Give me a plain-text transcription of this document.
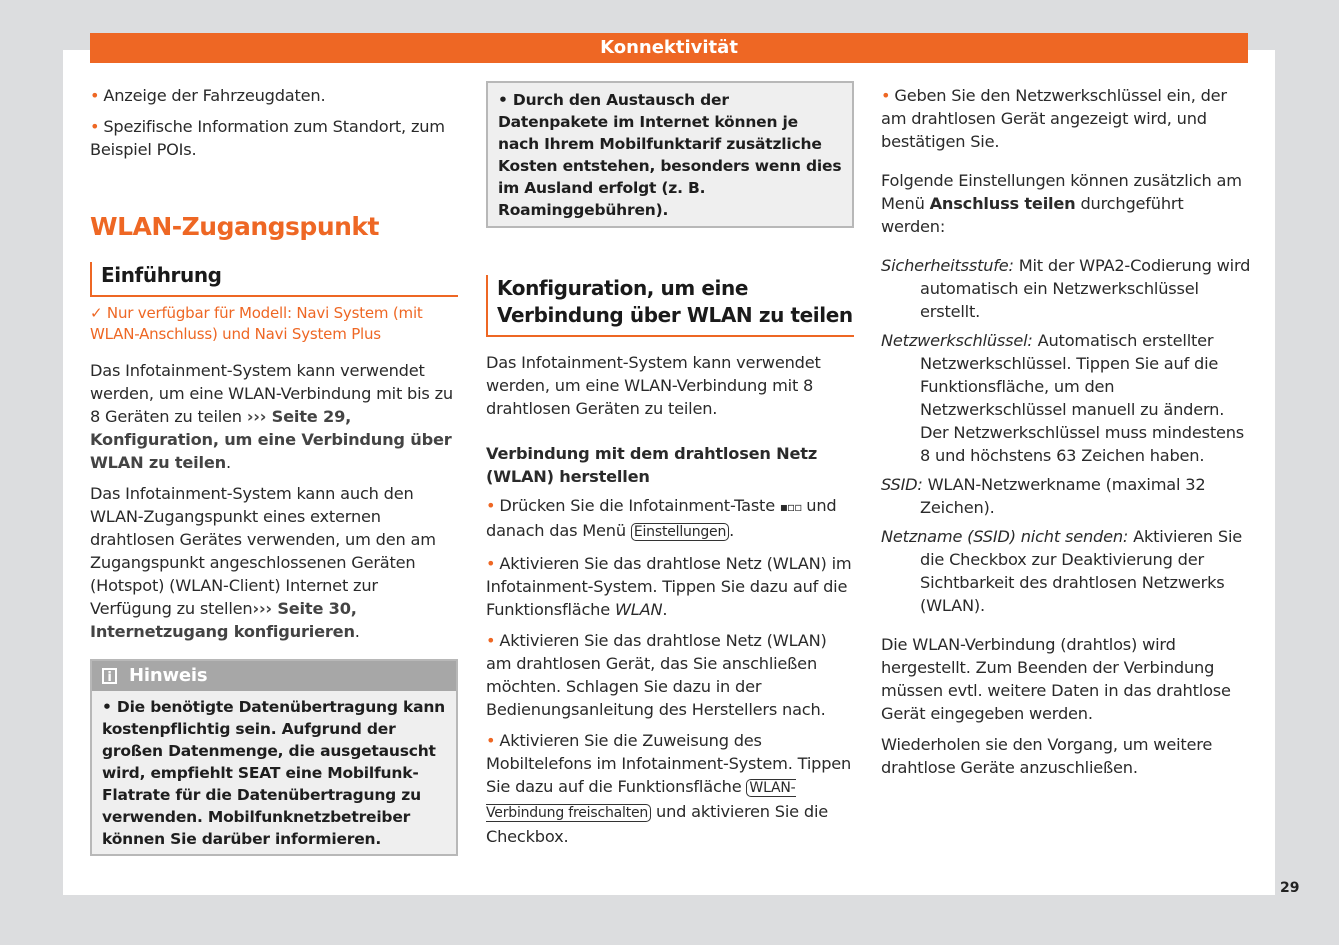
Konnektivität

• Anzeige der Fahrzeugdaten.

• Spezifische Information zum Standort, zum Beispiel POIs.

WLAN-Zugangspunkt
Einführung
✓ Nur verfügbar für Modell: Navi System (mit WLAN-Anschluss) und Navi System Plus

Das Infotainment-System kann verwendet werden, um eine WLAN-Verbindung mit bis zu 8 Geräten zu teilen ››› Seite 29, Konfiguration, um eine Verbindung über WLAN zu teilen.

Das Infotainment-System kann auch den WLAN-Zugangspunkt eines externen drahtlosen Gerätes verwenden, um den am Zugangspunkt angeschlossenen Geräten (Hotspot) (WLAN-Client) Internet zur Verfügung zu stellen››› Seite 30, Internetzugang konfigurieren.

i Hinweis
• Die benötigte Datenübertragung kann kostenpflichtig sein. Aufgrund der großen Datenmenge, die ausgetauscht wird, empfiehlt SEAT eine Mobilfunk-Flatrate für die Datenübertragung zu verwenden. Mobilfunknetzbetreiber können Sie darüber informieren.
• Durch den Austausch der Datenpakete im Internet können je nach Ihrem Mobilfunktarif zusätzliche Kosten entstehen, besonders wenn dies im Ausland erfolgt (z. B. Roaminggebühren).
Konfiguration, um eine Verbindung über WLAN zu teilen

Das Infotainment-System kann verwendet werden, um eine WLAN-Verbindung mit 8 drahtlosen Geräten zu teilen.

Verbindung mit dem drahtlosen Netz (WLAN) herstellen

• Drücken Sie die Infotainment-Taste ▪▫▫ und danach das Menü Einstellungen .

• Aktivieren Sie das drahtlose Netz (WLAN) im Infotainment-System. Tippen Sie dazu auf die Funktionsfläche WLAN.

• Aktivieren Sie das drahtlose Netz (WLAN) am drahtlosen Gerät, das Sie anschließen möchten. Schlagen Sie dazu in der Bedienungsanleitung des Herstellers nach.

• Aktivieren Sie die Zuweisung des Mobiltelefons im Infotainment-System. Tippen Sie dazu auf die Funktionsfläche WLAN-Verbindung freischalten und aktivieren Sie die Checkbox.

• Geben Sie den Netzwerkschlüssel ein, der am drahtlosen Gerät angezeigt wird, und bestätigen Sie.

Folgende Einstellungen können zusätzlich am Menü Anschluss teilen durchgeführt werden:

Sicherheitsstufe: Mit der WPA2-Codierung wird automatisch ein Netzwerkschlüssel erstellt.

Netzwerkschlüssel: Automatisch erstellter Netzwerkschlüssel. Tippen Sie auf die Funktionsfläche, um den Netzwerkschlüssel manuell zu ändern. Der Netzwerkschlüssel muss mindestens 8 und höchstens 63 Zeichen haben.

SSID: WLAN-Netzwerkname (maximal 32 Zeichen).

Netzname (SSID) nicht senden: Aktivieren Sie die Checkbox zur Deaktivierung der Sichtbarkeit des drahtlosen Netzwerks (WLAN).

Die WLAN-Verbindung (drahtlos) wird hergestellt. Zum Beenden der Verbindung müssen evtl. weitere Daten in das drahtlose Gerät eingegeben werden.

Wiederholen sie den Vorgang, um weitere drahtlose Geräte anzuschließen.

29
